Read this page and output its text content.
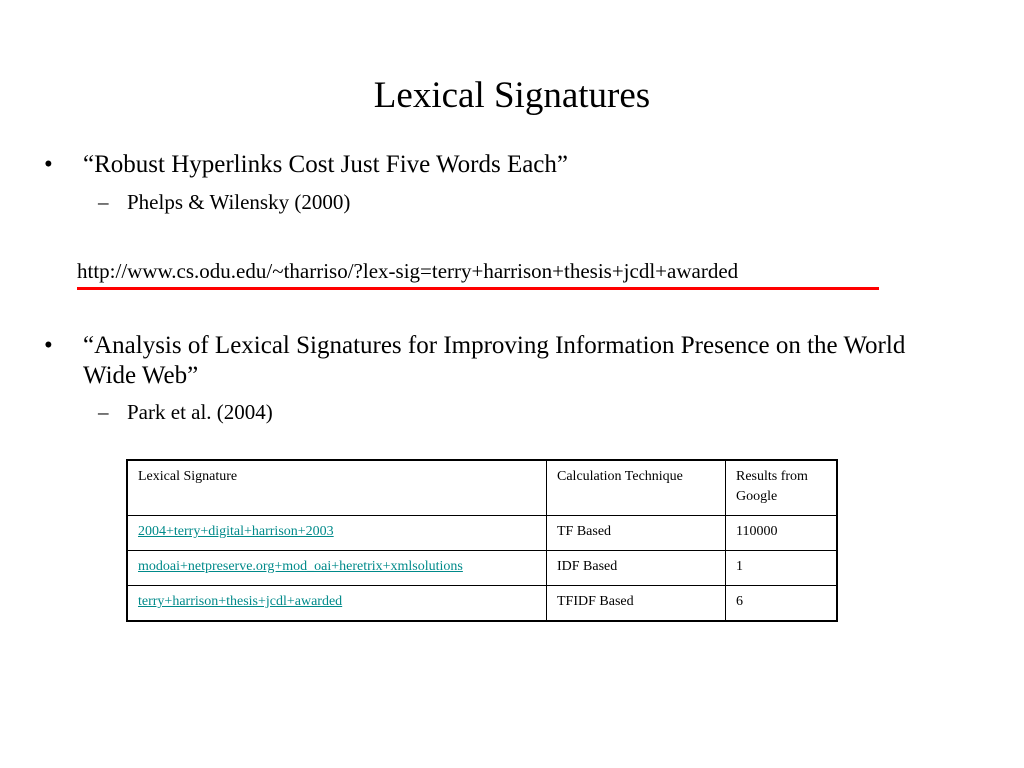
Lexical Signatures
• “Robust Hyperlinks Cost Just Five Words Each”
– Phelps & Wilensky (2000)
http://www.cs.odu.edu/~tharriso/?lex-sig=terry+harrison+thesis+jcdl+awarded
• “Analysis of Lexical Signatures for Improving Information Presence on the World Wide Web”
– Park et al. (2004)
Lexical Signature	Calculation Technique	Results from Google
2004+terry+digital+harrison+2003	TF Based	110000
modoai+netpreserve.org+mod_oai+heretrix+xmlsolutions	IDF Based	1
terry+harrison+thesis+jcdl+awarded	TFIDF Based	6
